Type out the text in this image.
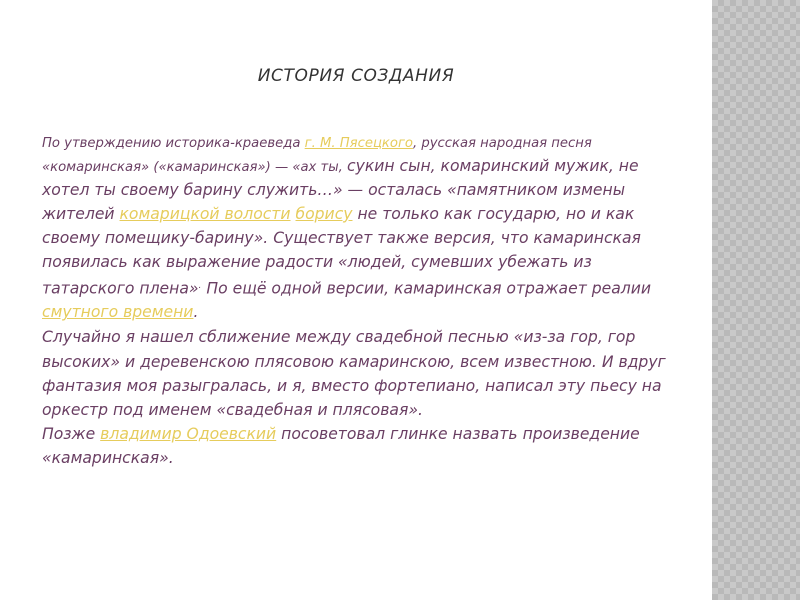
ИСТОРИЯ СОЗДАНИЯ
По утверждению историка-краеведа г. М. Пясецкого, русская народная песня «комаринская» («камаринская») — «ах ты, сукин сын, комаринский мужик, не хотел ты своему барину служить…» — осталась «памятником измены жителей комарицкой волости борису не только как государю, но и как своему помещику-барину». Существует также версия, что камаринская появилась как выражение радости «людей, сумевших убежать из татарского плена». По ещё одной версии, камаринская отражает реалии смутного времени.
Случайно я нашел сближение между свадебной песнью «из-за гор, гор высоких» и деревенскою плясовою камаринскою, всем известною. И вдруг фантазия моя разыгралась, и я, вместо фортепиано, написал эту пьесу на оркестр под именем «свадебная и плясовая».
Позже владимир Одоевский посоветовал глинке назвать произведение «камаринская».
